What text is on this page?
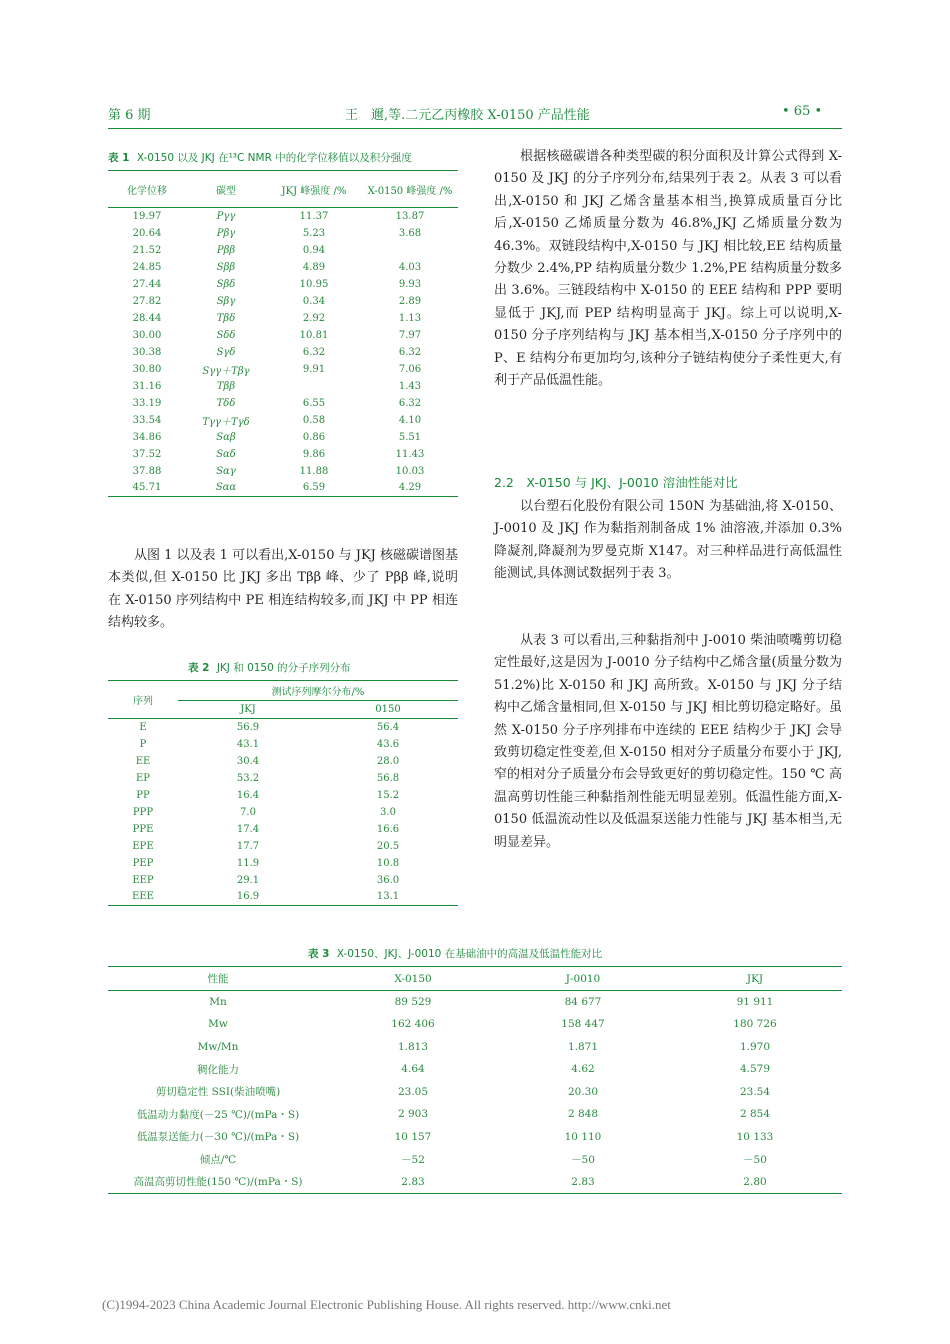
第 6 期	王　邇,等.二元乙丙橡胶 X-0150 产品性能	• 65 •
表 1 X-0150 以及 JKJ 在¹³C NMR 中的化学位移值以及积分强度
化学位移	碳型	JKJ 峰强度 /%	X-0150 峰强度 /%
19.97	Pγγ	11.37	13.87
20.64	Pβγ	5.23	3.68
21.52	Pββ	0.94	
24.85	Sββ	4.89	4.03
27.44	Sβδ	10.95	9.93
27.82	Sβγ	0.34	2.89
28.44	Tβδ	2.92	1.13
30.00	Sδδ	10.81	7.97
30.38	Sγδ	6.32	6.32
30.80	Sγγ＋Tβγ	9.91	7.06
31.16	Tββ		1.43
33.19	Tδδ	6.55	6.32
33.54	Tγγ＋Tγδ	0.58	4.10
34.86	Sαβ	0.86	5.51
37.52	Sαδ	9.86	11.43
37.88	Sαγ	11.88	10.03
45.71	Sαα	6.59	4.29

从图 1 以及表 1 可以看出,X-0150 与 JKJ 核磁碳谱图基本类似,但 X-0150 比 JKJ 多出 Tββ 峰、少了 Pββ 峰,说明在 X-0150 序列结构中 PE 相连结构较多,而 JKJ 中 PP 相连结构较多。

表 2 JKJ 和 0150 的分子序列分布
序列	测试序列摩尔分布/%	
	JKJ	0150
E	56.9	56.4
P	43.1	43.6
EE	30.4	28.0
EP	53.2	56.8
PP	16.4	15.2
PPP	7.0	3.0
PPE	17.4	16.6
EPE	17.7	20.5
PEP	11.9	10.8
EEP	29.1	36.0
EEE	16.9	13.1

根据核磁碳谱各种类型碳的积分面积及计算公式得到 X-0150 及 JKJ 的分子序列分布,结果列于表 2。从表 3 可以看出,X-0150 和 JKJ 乙烯含量基本相当,换算成质量百分比后,X-0150 乙烯质量分数为 46.8%,JKJ 乙烯质量分数为 46.3%。双链段结构中,X-0150 与 JKJ 相比较,EE 结构质量分数少 2.4%,PP 结构质量分数少 1.2%,PE 结构质量分数多出 3.6%。三链段结构中 X-0150 的 EEE 结构和 PPP 要明显低于 JKJ,而 PEP 结构明显高于 JKJ。综上可以说明,X-0150 分子序列结构与 JKJ 基本相当,X-0150 分子序列中的 P、E 结构分布更加均匀,该种分子链结构使分子柔性更大,有利于产品低温性能。

2.2　X-0150 与 JKJ、J-0010 溶油性能对比

以台塑石化股份有限公司 150N 为基础油,将 X-0150、J-0010 及 JKJ 作为黏指剂制备成 1% 油溶液,并添加 0.3%降凝剂,降凝剂为罗曼克斯 X147。对三种样品进行高低温性能测试,具体测试数据列于表 3。

从表 3 可以看出,三种黏指剂中 J-0010 柴油喷嘴剪切稳定性最好,这是因为 J-0010 分子结构中乙烯含量(质量分数为 51.2%)比 X-0150 和 JKJ 高所致。X-0150 与 JKJ 分子结构中乙烯含量相同,但 X-0150 与 JKJ 相比剪切稳定略好。虽然 X-0150 分子序列排布中连续的 EEE 结构少于 JKJ 会导致剪切稳定性变差,但 X-0150 相对分子质量分布要小于 JKJ,窄的相对分子质量分布会导致更好的剪切稳定性。150 ℃ 高温高剪切性能三种黏指剂性能无明显差别。低温性能方面,X-0150 低温流动性以及低温泵送能力性能与 JKJ 基本相当,无明显差异。

表 3 X-0150、JKJ、J-0010 在基础油中的高温及低温性能对比
性能	X-0150	J-0010	JKJ
Mn	89 529	84 677	91 911
Mw	162 406	158 447	180 726
Mw/Mn	1.813	1.871	1.970
稠化能力	4.64	4.62	4.579
剪切稳定性 SSI(柴油喷嘴)	23.05	20.30	23.54
低温动力黏度(－25 ℃)/(mPa・S)	2 903	2 848	2 854
低温泵送能力(－30 ℃)/(mPa・S)	10 157	10 110	10 133
倾点/℃	－52	－50	－50
高温高剪切性能(150 ℃)/(mPa・S)	2.83	2.83	2.80
(C)1994-2023 China Academic Journal Electronic Publishing House. All rights reserved. http://www.cnki.net
